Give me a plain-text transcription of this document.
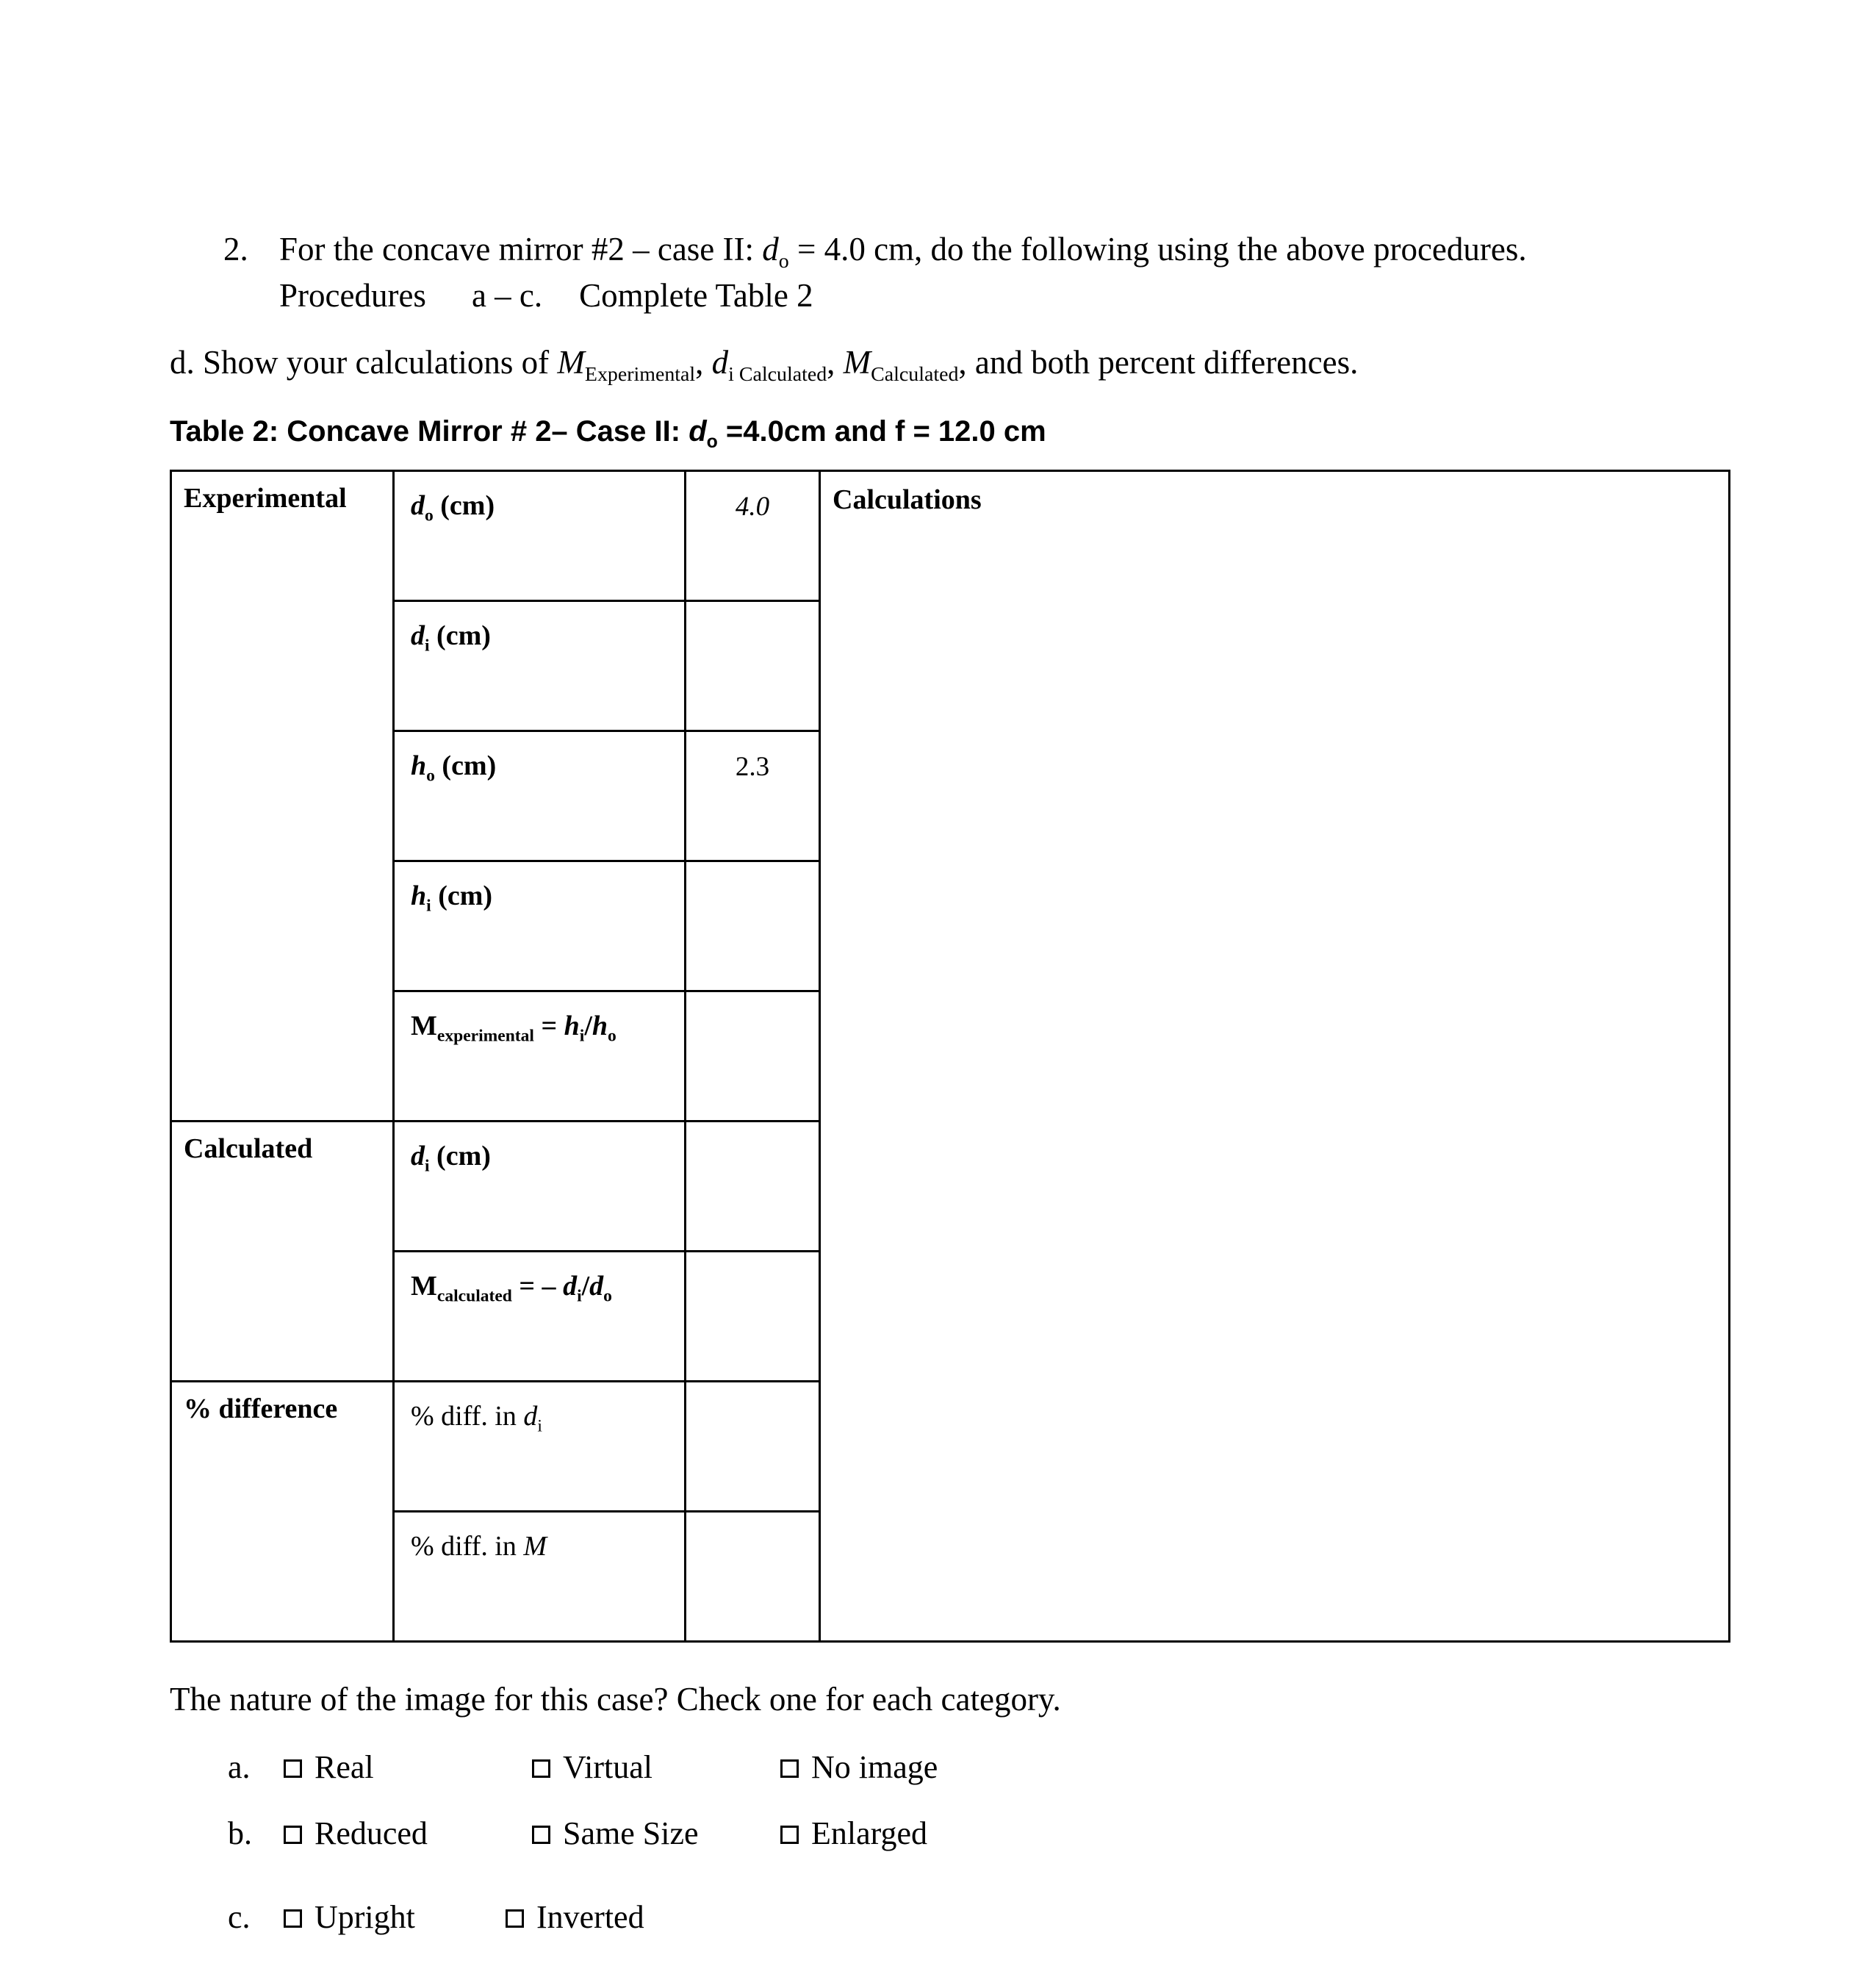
2. For the concave mirror #2 – case II: $d_o = 4.0$ cm, do the following using the above procedures.
Procedures a – c. Complete Table 2
d. Show your calculations of $M_{Experimental}$, $d_{i Calculated}$, $M_{Calculated}$, and both percent differences.
Table 2: Concave Mirror # 2– Case II: $d_o =4.0cm$ and f = 12.0 cm
Experimental	$d_o$ (cm)	4.0	Calculations

	$d_i$ (cm)		
	$h_o$ (cm)	2.3	
	$h_i$ (cm)		
	$M_{experimental} = h_i/h_o$	
Calculated	$d_i$ (cm)		
	$M_{calculated}$ = – $d_i/d_o$	
% difference	% diff. in $d_i$	
	% diff. in M		
The nature of the image for this case? Check one for each category.
a. Real	Virtual	No image
b. Reduced	Same Size	Enlarged
c. Upright	Inverted
